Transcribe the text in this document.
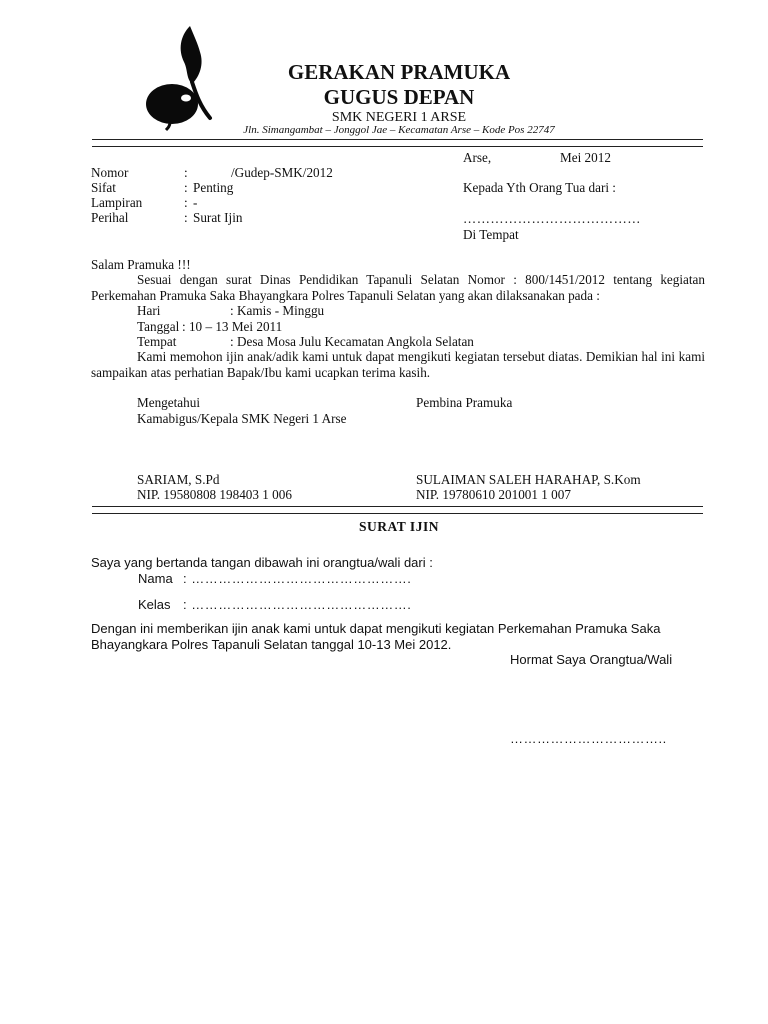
GERAKAN PRAMUKA
GUGUS DEPAN
SMK NEGERI 1 ARSE
Jln. Simangambat – Jonggol Jae – Kecamatan Arse – Kode Pos 22747
Nomor	:	/Gudep-SMK/2012
Sifat	: Penting
Lampiran	: -
Perihal	: Surat Ijin
Arse,	Mei 2012
Kepada Yth Orang Tua dari :
…………………………………
Di Tempat
Salam Pramuka !!!
Sesuai dengan surat Dinas Pendidikan Tapanuli Selatan Nomor : 800/1451/2012 tentang kegiatan Perkemahan Pramuka Saka Bhayangkara Polres Tapanuli Selatan yang akan dilaksanakan pada :
Hari	: Kamis - Minggu
Tanggal : 10 – 13 Mei 2011
Tempat	: Desa Mosa Julu Kecamatan Angkola Selatan
Kami memohon ijin anak/adik kami untuk dapat mengikuti kegiatan tersebut diatas. Demikian hal ini kami sampaikan atas perhatian Bapak/Ibu kami ucapkan terima kasih.
Mengetahui
Kamabigus/Kepala SMK Negeri 1 Arse
Pembina Pramuka
SARIAM, S.Pd
NIP. 19580808 198403 1 006
SULAIMAN SALEH HARAHAP, S.Kom
NIP. 19780610 201001 1 007
SURAT IJIN
Saya yang bertanda tangan dibawah ini orangtua/wali dari :
Nama : ………………………………………….
Kelas : ………………………………………….
Dengan ini memberikan ijin anak kami untuk dapat mengikuti kegiatan Perkemahan Pramuka Saka Bhayangkara Polres Tapanuli Selatan tanggal 10-13 Mei 2012.
Hormat Saya Orangtua/Wali
……………………………..
